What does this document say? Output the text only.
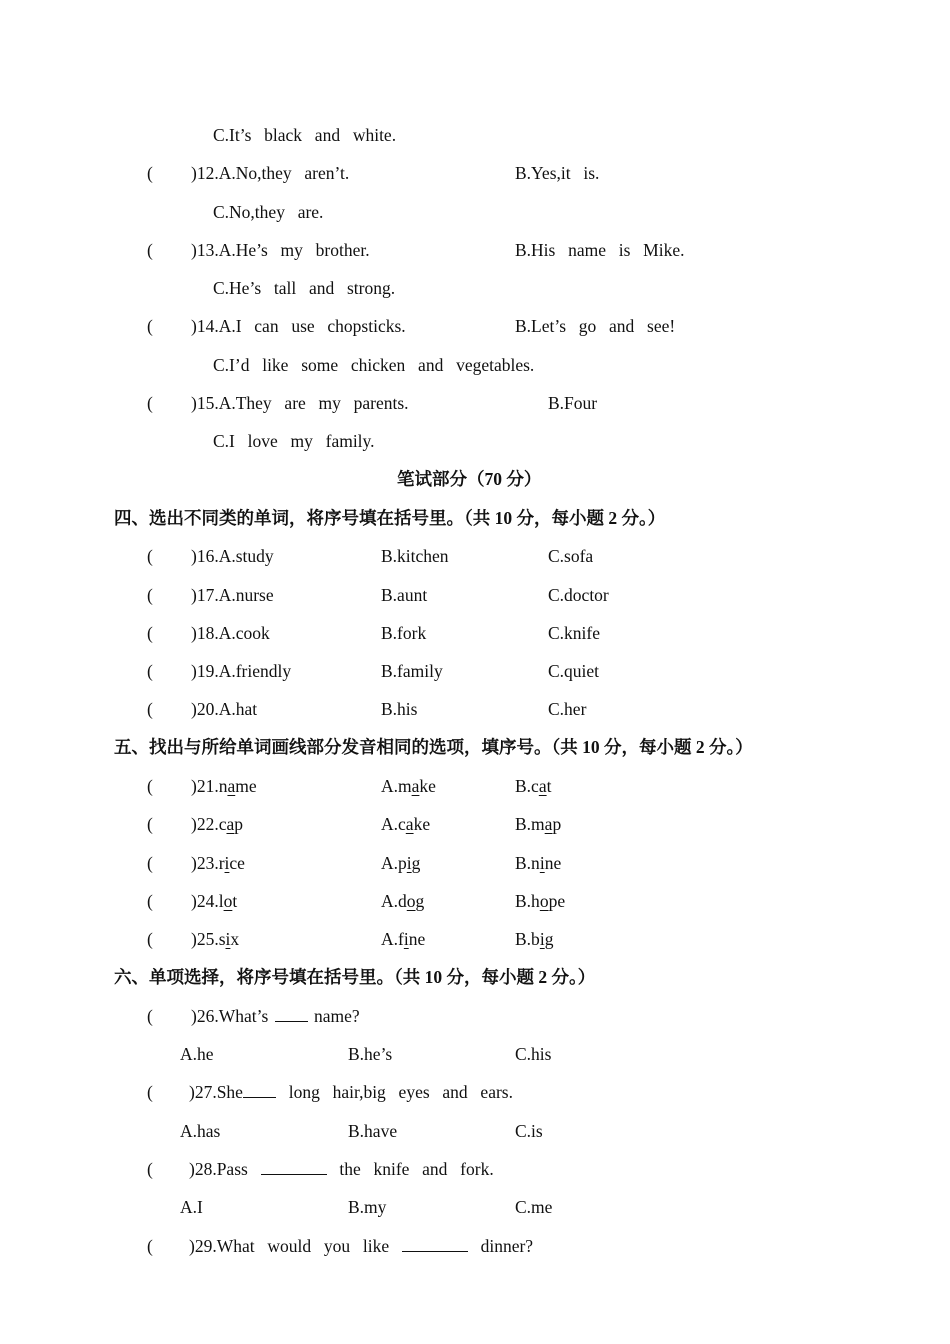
C.It’s  black  and  white.
( )12.A.No,they  aren’t.	B.Yes,it  is.
C.No,they  are.
( )13.A.He’s  my  brother.	B.His  name  is  Mike.
C.He’s  tall  and  strong.
( )14.A.I  can  use  chopsticks.	B.Let’s  go  and  see!
C.I’d  like  some  chicken  and  vegetables.
( )15.A.They  are  my  parents.	B.Four
C.I  love  my  family.
笔试部分（70 分）
四、选出不同类的单词，将序号填在括号里。（共 10 分，每小题 2 分。）
( )16.A.study	B.kitchen	C.sofa
( )17.A.nurse	B.aunt	C.doctor
( )18.A.cook	B.fork	C.knife
( )19.A.friendly	B.family	C.quiet
( )20.A.hat	B.his	C.her
五、找出与所给单词画线部分发音相同的选项，填序号。（共 10 分，每小题 2 分。）
( )21.name	A.make	B.cat
( )22.cap	A.cake	B.map
( )23.rice	A.pig	B.nine
( )24.lot	A.dog	B.hope
( )25.six	A.fine	B.big
六、单项选择，将序号填在括号里。（共 10 分，每小题 2 分。）
( )26.What’s	name?
A.he	B.he’s	C.his
( )27.She	long  hair,big  eyes  and  ears.
A.has	B.have	C.is
( )28.Pass	the  knife  and  fork.
A.I	B.my	C.me
( )29.What  would  you  like	dinner?
